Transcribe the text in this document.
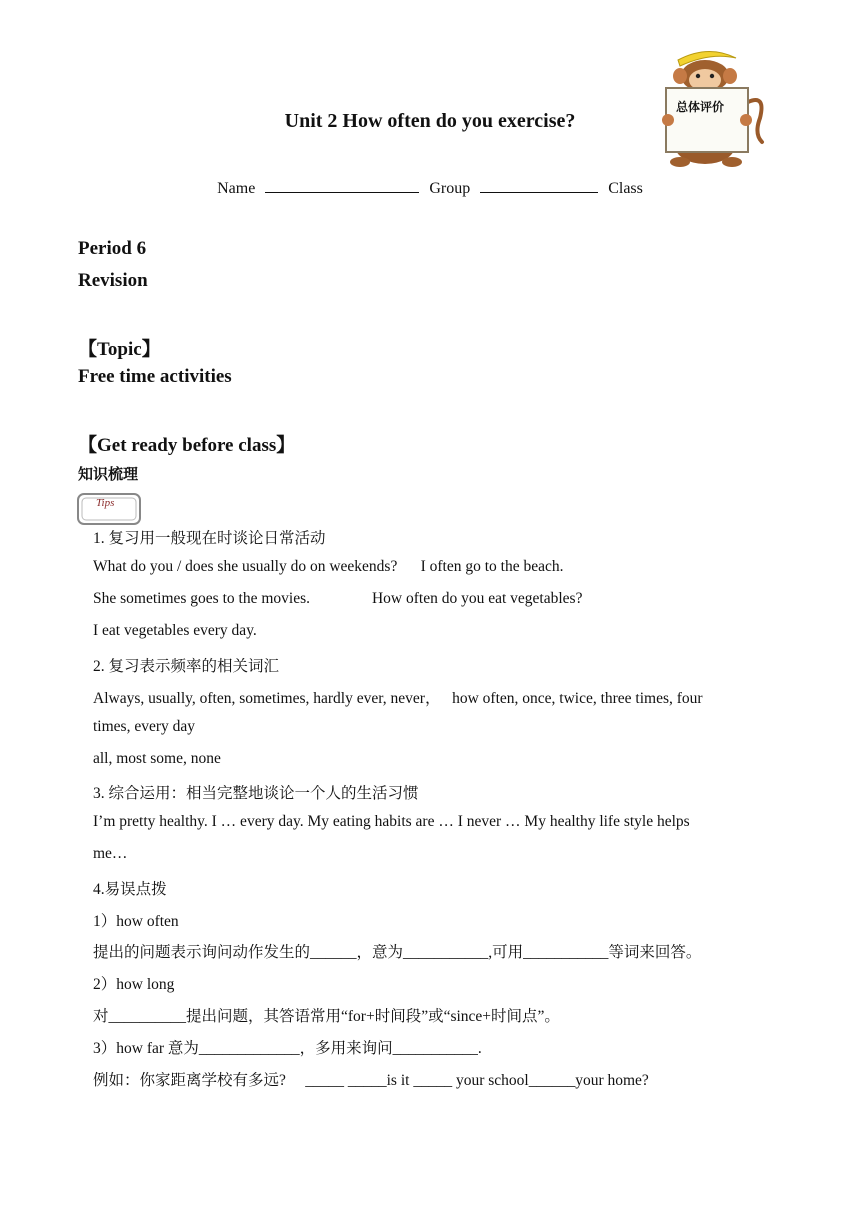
总体评价
Unit 2 How often do you exercise?
Name	Group	Class
Period 6
Revision
【Topic】
Free time activities
【Get ready before class】
知识梳理
Tips
1. 复习用一般现在时谈论日常活动
What do you / does she usually do on weekends?      I often go to the beach.
She sometimes goes to the movies.                How often do you eat vegetables?
I eat vegetables every day.
2. 复习表示频率的相关词汇
Always, usually, often, sometimes, hardly ever, never，   how often, once, twice, three times, four
times, every day
all, most some, none
3. 综合运用：相当完整地谈论一个人的生活习惯
I’m pretty healthy. I … every day. My eating habits are … I never … My healthy life style helps
me…
4.易误点拨
1）how often
提出的问题表示询问动作发生的______，意为___________,可用___________等词来回答。
2）how long
对__________提出问题，其答语常用“for+时间段”或“since+时间点”。
3）how far 意为_____________，多用来询问___________.
例如：你家距离学校有多远?     _____ _____is it _____ your school______your home?
